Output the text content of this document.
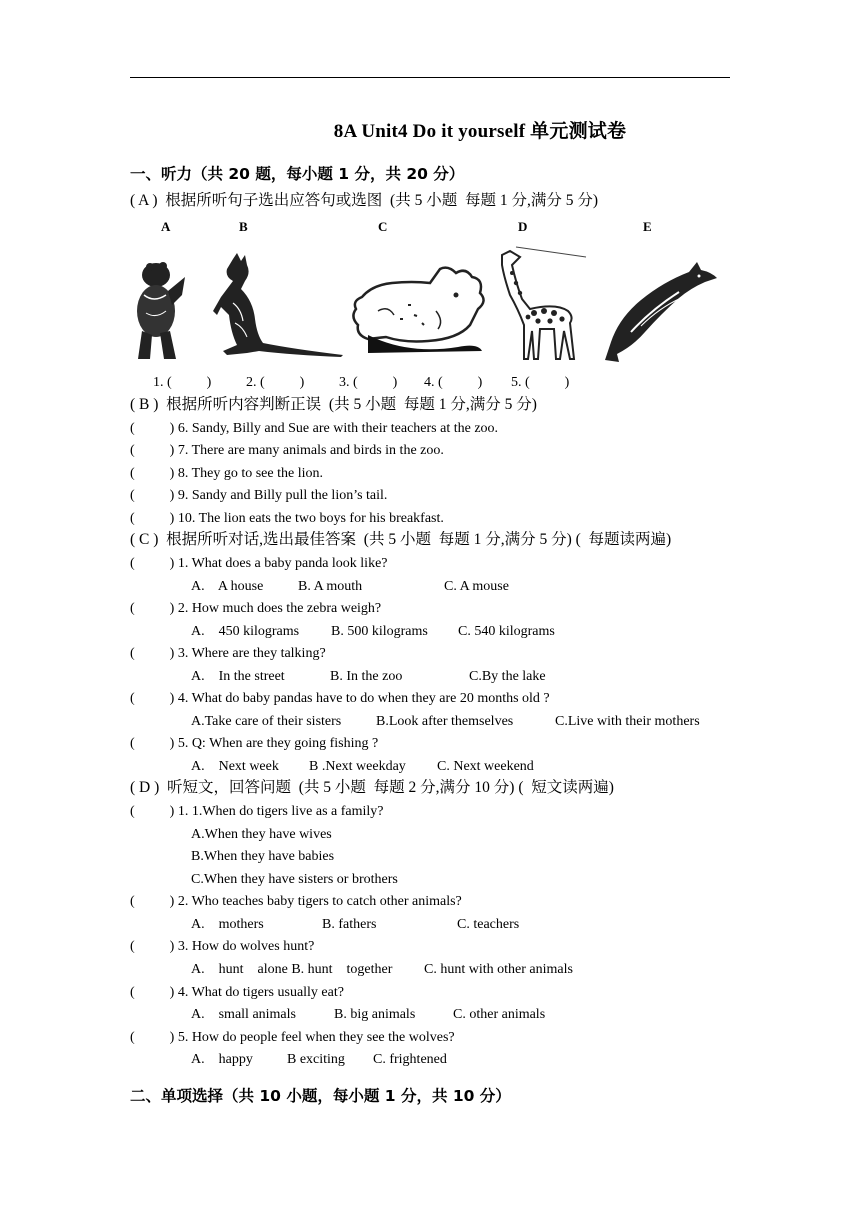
8A Unit4 Do it yourself 单元测试卷
一、听力（共 20 题，每小题 1 分，共 20 分）
( A )  根据所听句子选出应答句或选图  (共 5 小题  每题 1 分,满分 5 分)
A	B	C	D	E
1. (          ) 2. (          ) 3. (          ) 4. (          ) 5. (          )
( B )  根据所听内容判断正误  (共 5 小题  每题 1 分,满分 5 分)
(          ) 6. Sandy, Billy and Sue are with their teachers at the zoo.
(          ) 7. There are many animals and birds in the zoo.
(          ) 8. They go to see the lion.
(          ) 9. Sandy and Billy pull the lion’s tail.
(          ) 10. The lion eats the two boys for his breakfast.
( C )  根据所听对话,选出最佳答案  (共 5 小题  每题 1 分,满分 5 分) (  每题读两遍)
(          ) 1. What does a baby panda look like?
A.    A house B. A mouth	C. A mouse
(          ) 2. How much does the zebra weigh?
A.    450 kilograms B. 500 kilograms C. 540 kilograms
(          ) 3. Where are they talking?
A.    In the street	B. In the zoo	C.By the lake
(          ) 4. What do baby pandas have to do when they are 20 months old ?
A.Take care of their sisters B.Look after themselves	C.Live with their mothers
(          ) 5. Q: When are they going fishing ?
A.    Next week B .Next weekday C. Next weekend
( D )  听短文，回答问题  (共 5 小题  每题 2 分,满分 10 分) (  短文读两遍)
(          ) 1. 1.When do tigers live as a family?
A.When they have wives
B.When they have babies
C.When they have sisters or brothers
(          ) 2. Who teaches baby tigers to catch other animals?
A.    mothers	B. fathers	C. teachers
(          ) 3. How do wolves hunt?
A.    hunt    alone B. hunt    together C. hunt with other animals
(          ) 4. What do tigers usually eat?
A.    small animals	B. big animals	C. other animals
(          ) 5. How do people feel when they see the wolves?
A.    happy B exciting C. frightened
二、单项选择（共 10 小题，每小题 1 分，共 10 分）
